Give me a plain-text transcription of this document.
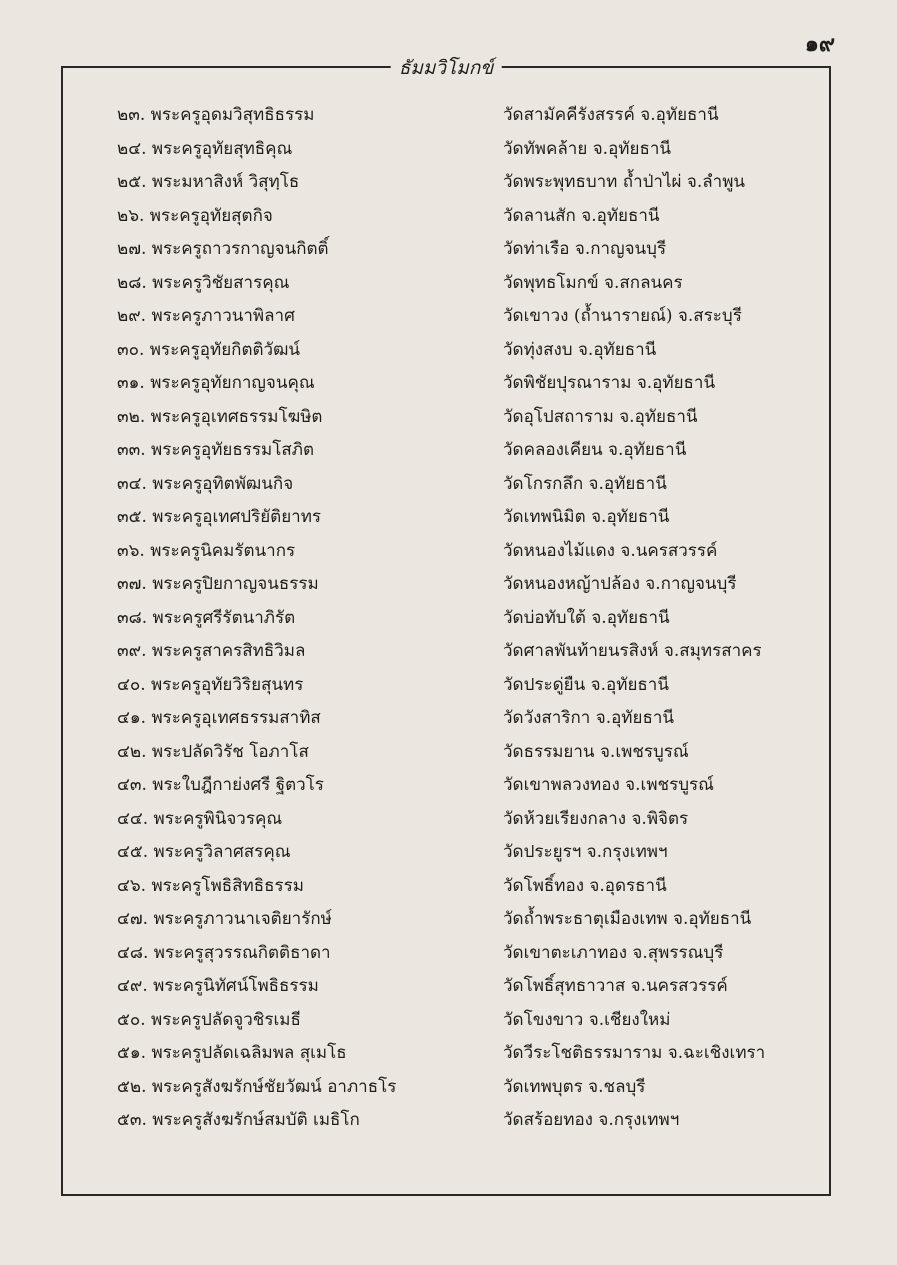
๑๙
ธัมมวิโมกข์
๒๓. พระครูอุดมวิสุทธิธรรม	วัดสามัคคีรังสรรค์ จ.อุทัยธานี
๒๔. พระครูอุทัยสุทธิคุณ	วัดทัพคล้าย จ.อุทัยธานี
๒๕. พระมหาสิงห์ วิสุทฺโธ	วัดพระพุทธบาท ถ้ำป่าไผ่ จ.ลำพูน
๒๖. พระครูอุทัยสุตกิจ	วัดลานสัก จ.อุทัยธานี
๒๗. พระครูถาวรกาญจนกิตติ์	วัดท่าเรือ จ.กาญจนบุรี
๒๘. พระครูวิชัยสารคุณ	วัดพุทธโมกข์ จ.สกลนคร
๒๙. พระครูภาวนาพิลาศ	วัดเขาวง (ถ้ำนารายณ์) จ.สระบุรี
๓๐. พระครูอุทัยกิตติวัฒน์	วัดทุ่งสงบ จ.อุทัยธานี
๓๑. พระครูอุทัยกาญจนคุณ	วัดพิชัยปุรณาราม จ.อุทัยธานี
๓๒. พระครูอุเทศธรรมโฆษิต	วัดอุโปสถาราม จ.อุทัยธานี
๓๓. พระครูอุทัยธรรมโสภิต	วัดคลองเคียน จ.อุทัยธานี
๓๔. พระครูอุทิตพัฒนกิจ	วัดโกรกลึก จ.อุทัยธานี
๓๕. พระครูอุเทศปริยัติยาทร	วัดเทพนิมิต จ.อุทัยธานี
๓๖. พระครูนิคมรัตนากร	วัดหนองไม้แดง จ.นครสวรรค์
๓๗. พระครูปิยกาญจนธรรม	วัดหนองหญ้าปล้อง จ.กาญจนบุรี
๓๘. พระครูศรีรัตนาภิรัต	วัดบ่อทับใต้ จ.อุทัยธานี
๓๙. พระครูสาครสิทธิวิมล	วัดศาลพันท้ายนรสิงห์ จ.สมุทรสาคร
๔๐. พระครูอุทัยวิริยสุนทร	วัดประดู่ยืน จ.อุทัยธานี
๔๑. พระครูอุเทศธรรมสาทิส	วัดวังสาริกา จ.อุทัยธานี
๔๒. พระปลัดวิรัช โอภาโส	วัดธรรมยาน จ.เพชรบูรณ์
๔๓. พระใบฎีกาย่งศรี ฐิตวโร	วัดเขาพลวงทอง จ.เพชรบูรณ์
๔๔. พระครูพินิจวรคุณ	วัดห้วยเรียงกลาง จ.พิจิตร
๔๕. พระครูวิลาศสรคุณ	วัดประยูรฯ จ.กรุงเทพฯ
๔๖. พระครูโพธิสิทธิธรรม	วัดโพธิ์ทอง จ.อุดรธานี
๔๗. พระครูภาวนาเจติยารักษ์	วัดถ้ำพระธาตุเมืองเทพ จ.อุทัยธานี
๔๘. พระครูสุวรรณกิตติธาดา	วัดเขาตะเภาทอง จ.สุพรรณบุรี
๔๙. พระครูนิทัศน์โพธิธรรม	วัดโพธิ์สุทธาวาส จ.นครสวรรค์
๕๐. พระครูปลัดจูวชิรเมธี	วัดโขงขาว จ.เชียงใหม่
๕๑. พระครูปลัดเฉลิมพล สุเมโธ	วัดวีระโชติธรรมาราม จ.ฉะเชิงเทรา
๕๒. พระครูสังฆรักษ์ชัยวัฒน์ อาภาธโร	วัดเทพบุตร จ.ชลบุรี
๕๓. พระครูสังฆรักษ์สมบัติ เมธิโก	วัดสร้อยทอง จ.กรุงเทพฯ
